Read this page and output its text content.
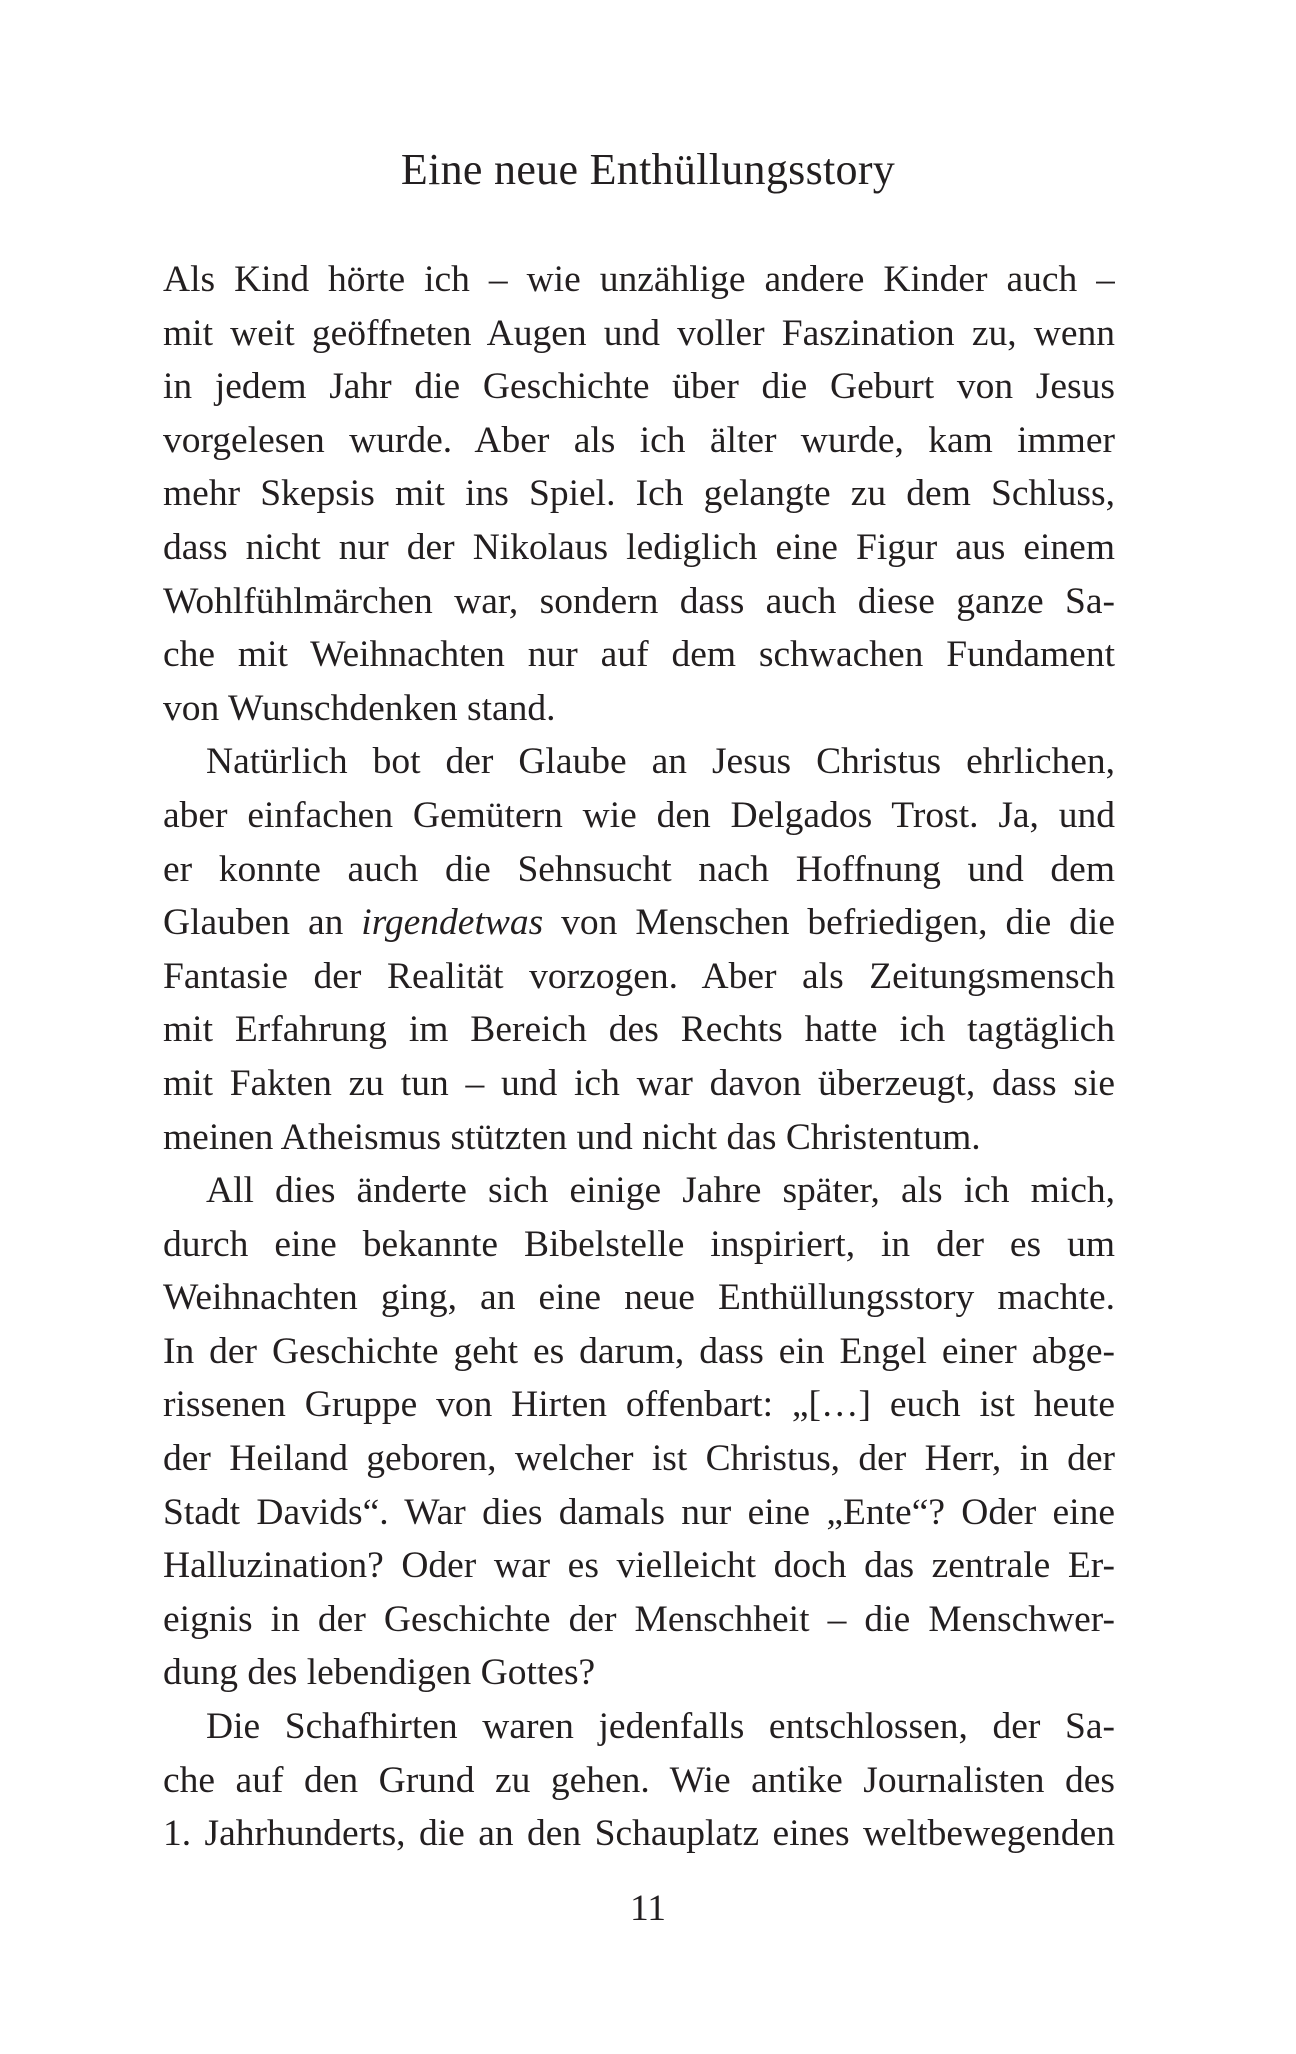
Eine neue Enthüllungsstory
Als Kind hörte ich – wie unzählige andere Kinder auch –
mit weit geöffneten Augen und voller Faszination zu, wenn
in jedem Jahr die Geschichte über die Geburt von Jesus
vorgelesen wurde. Aber als ich älter wurde, kam immer
mehr Skepsis mit ins Spiel. Ich gelangte zu dem Schluss,
dass nicht nur der Nikolaus lediglich eine Figur aus einem
Wohlfühlmärchen war, sondern dass auch diese ganze Sa-
che mit Weihnachten nur auf dem schwachen Fundament
von Wunschdenken stand.
Natürlich bot der Glaube an Jesus Christus ehrlichen,
aber einfachen Gemütern wie den Delgados Trost. Ja, und
er konnte auch die Sehnsucht nach Hoffnung und dem
Glauben an irgendetwas von Menschen befriedigen, die die
Fantasie der Realität vorzogen. Aber als Zeitungsmensch
mit Erfahrung im Bereich des Rechts hatte ich tagtäglich
mit Fakten zu tun – und ich war davon überzeugt, dass sie
meinen Atheismus stützten und nicht das Christentum.
All dies änderte sich einige Jahre später, als ich mich,
durch eine bekannte Bibelstelle inspiriert, in der es um
Weihnachten ging, an eine neue Enthüllungsstory machte.
In der Geschichte geht es darum, dass ein Engel einer abge-
rissenen Gruppe von Hirten offenbart: „[…] euch ist heute
der Heiland geboren, welcher ist Christus, der Herr, in der
Stadt Davids“. War dies damals nur eine „Ente“? Oder eine
Halluzination? Oder war es vielleicht doch das zentrale Er-
eignis in der Geschichte der Menschheit – die Menschwer-
dung des lebendigen Gottes?
Die Schafhirten waren jedenfalls entschlossen, der Sa-
che auf den Grund zu gehen. Wie antike Journalisten des
1. Jahrhunderts, die an den Schauplatz eines weltbewegenden
11
